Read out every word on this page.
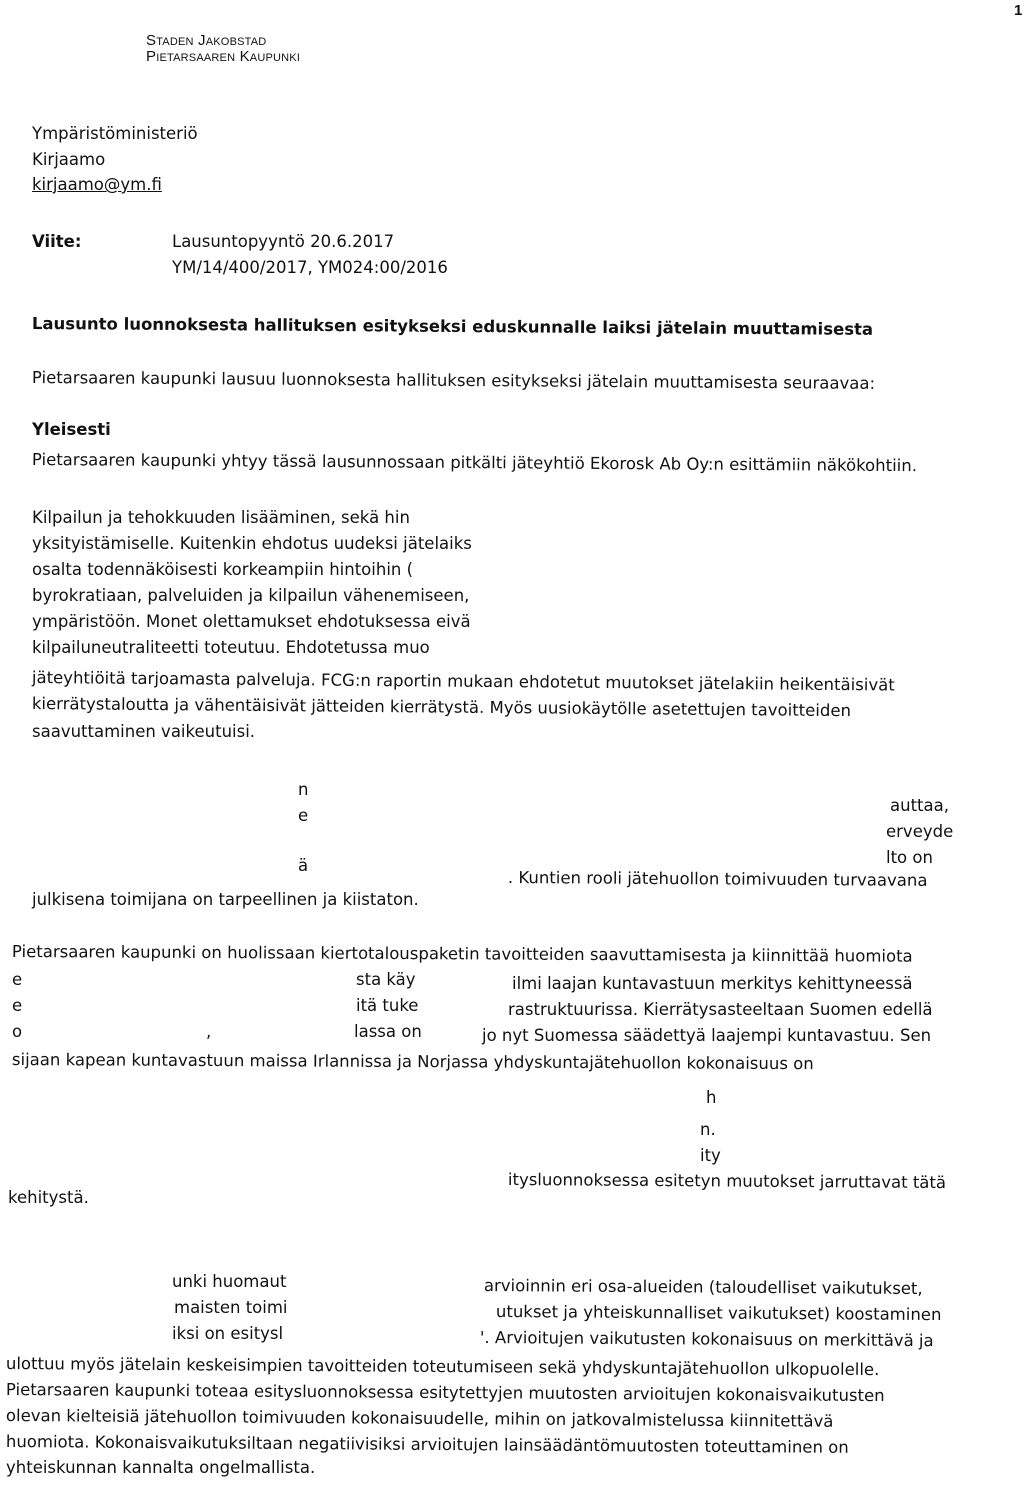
1
Staden Jakobstad
Pietarsaaren Kaupunki
Ympäristöministeriö
Kirjaamo
kirjaamo@ym.fi
Viite:	Lausuntopyyntö 20.6.2017
YM/14/400/2017, YM024:00/2016
Lausunto luonnoksesta hallituksen esitykseksi eduskunnalle laiksi jätelain muuttamisesta
Pietarsaaren kaupunki lausuu luonnoksesta hallituksen esitykseksi jätelain muuttamisesta seuraavaa:
Yleisesti
Pietarsaaren kaupunki yhtyy tässä lausunnossaan pitkälti jäteyhtiö Ekorosk Ab Oy:n esittämiin näkökohtiin.
Kilpailun ja tehokkuuden lisääminen, sekä hin
yksityistämiselle. Kuitenkin ehdotus uudeksi jätelaiks
osalta todennäköisesti korkeampiin hintoihin (
byrokratiaan, palveluiden ja kilpailun vähenemiseen,
ympäristöön. Monet olettamukset ehdotuksessa eivä
kilpailuneutraliteetti toteutuu. Ehdotetussa muo
jäteyhtiöitä tarjoamasta palveluja. FCG:n raportin mukaan ehdotetut muutokset jätelakiin heikentäisivät
kierrätystaloutta ja vähentäisivät jätteiden kierrätystä. Myös uusiokäytölle asetettujen tavoitteiden
saavuttaminen vaikeutuisi.
n
e
ä
auttaa,
erveyde
lto on
. Kuntien rooli jätehuollon toimivuuden turvaavana
julkisena toimijana on tarpeellinen ja kiistaton.
Pietarsaaren kaupunki on huolissaan kiertotalouspaketin tavoitteiden saavuttamisesta ja kiinnittää huomiota
e	sta käy	ilmi laajan kuntavastuun merkitys kehittyneessä
e	itä tuke	rastruktuurissa. Kierrätysasteeltaan Suomen edellä
o	,	lassa on	jo nyt Suomessa säädettyä laajempi kuntavastuu. Sen
sijaan kapean kuntavastuun maissa Irlannissa ja Norjassa yhdyskuntajätehuollon kokonaisuus on
h
n.
ity
kehitystä.
itysluonnoksessa esitetyn muutokset jarruttavat tätä
unki huomaut	arvioinnin eri osa-alueiden (taloudelliset vaikutukset,
maisten toimi	utukset ja yhteiskunnalliset vaikutukset) koostaminen
iksi on esitysl	'. Arvioitujen vaikutusten kokonaisuus on merkittävä ja
ulottuu myös jätelain keskeisimpien tavoitteiden toteutumiseen sekä yhdyskuntajätehuollon ulkopuolelle.
Pietarsaaren kaupunki toteaa esitysluonnoksessa esitytettyjen muutosten arvioitujen kokonaisvaikutusten
olevan kielteisiä jätehuollon toimivuuden kokonaisuudelle, mihin on jatkovalmistelussa kiinnitettävä
huomiota. Kokonaisvaikutuksiltaan negatiivisiksi arvioitujen lainsäädäntömuutosten toteuttaminen on
yhteiskunnan kannalta ongelmallista.
